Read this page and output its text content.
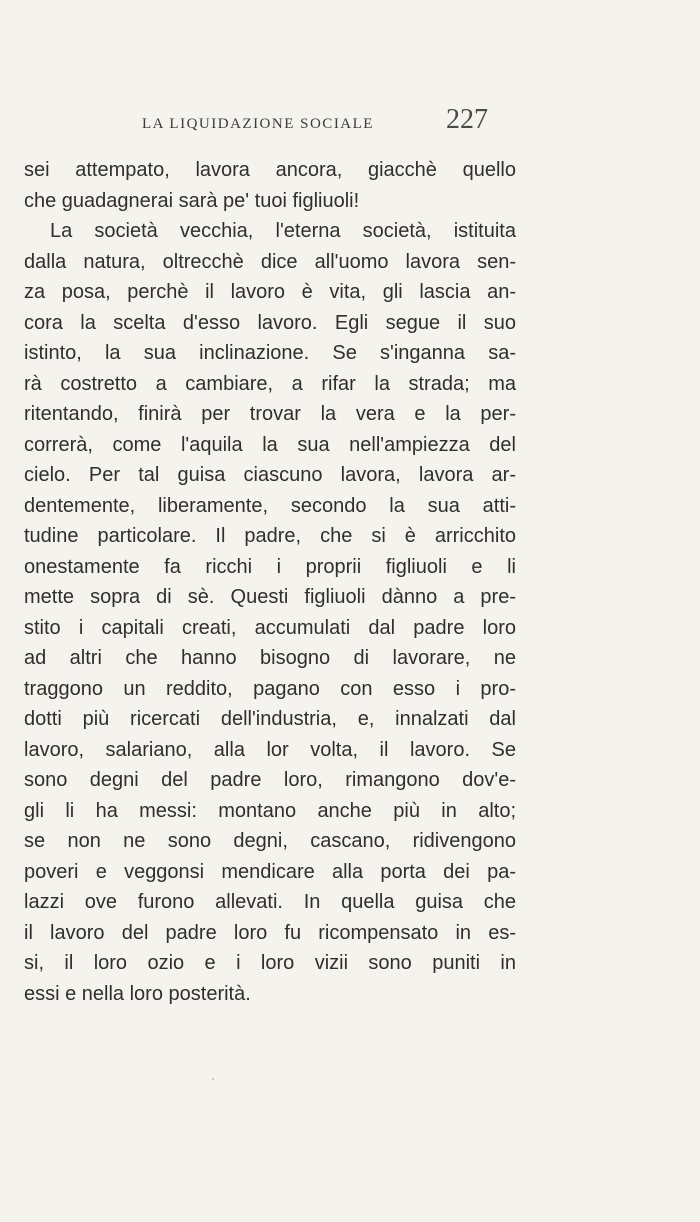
LA LIQUIDAZIONE SOCIALE	227
sei attempato, lavora ancora, giacchè quello
che guadagnerai sarà pe' tuoi figliuoli!
La società vecchia, l'eterna società, istituita
dalla natura, oltrecchè dice all'uomo lavora sen-
za posa, perchè il lavoro è vita, gli lascia an-
cora la scelta d'esso lavoro. Egli segue il suo
istinto, la sua inclinazione. Se s'inganna sa-
rà costretto a cambiare, a rifar la strada; ma
ritentando, finirà per trovar la vera e la per-
correrà, come l'aquila la sua nell'ampiezza del
cielo. Per tal guisa ciascuno lavora, lavora ar-
dentemente, liberamente, secondo la sua atti-
tudine particolare. Il padre, che si è arricchito
onestamente fa ricchi i proprii figliuoli e li
mette sopra di sè. Questi figliuoli dànno a pre-
stito i capitali creati, accumulati dal padre loro
ad altri che hanno bisogno di lavorare, ne
traggono un reddito, pagano con esso i pro-
dotti più ricercati dell'industria, e, innalzati dal
lavoro, salariano, alla lor volta, il lavoro. Se
sono degni del padre loro, rimangono dov'e-
gli li ha messi: montano anche più in alto;
se non ne sono degni, cascano, ridivengono
poveri e veggonsi mendicare alla porta dei pa-
lazzi ove furono allevati. In quella guisa che
il lavoro del padre loro fu ricompensato in es-
si, il loro ozio e i loro vizii sono puniti in
essi e nella loro posterità.
